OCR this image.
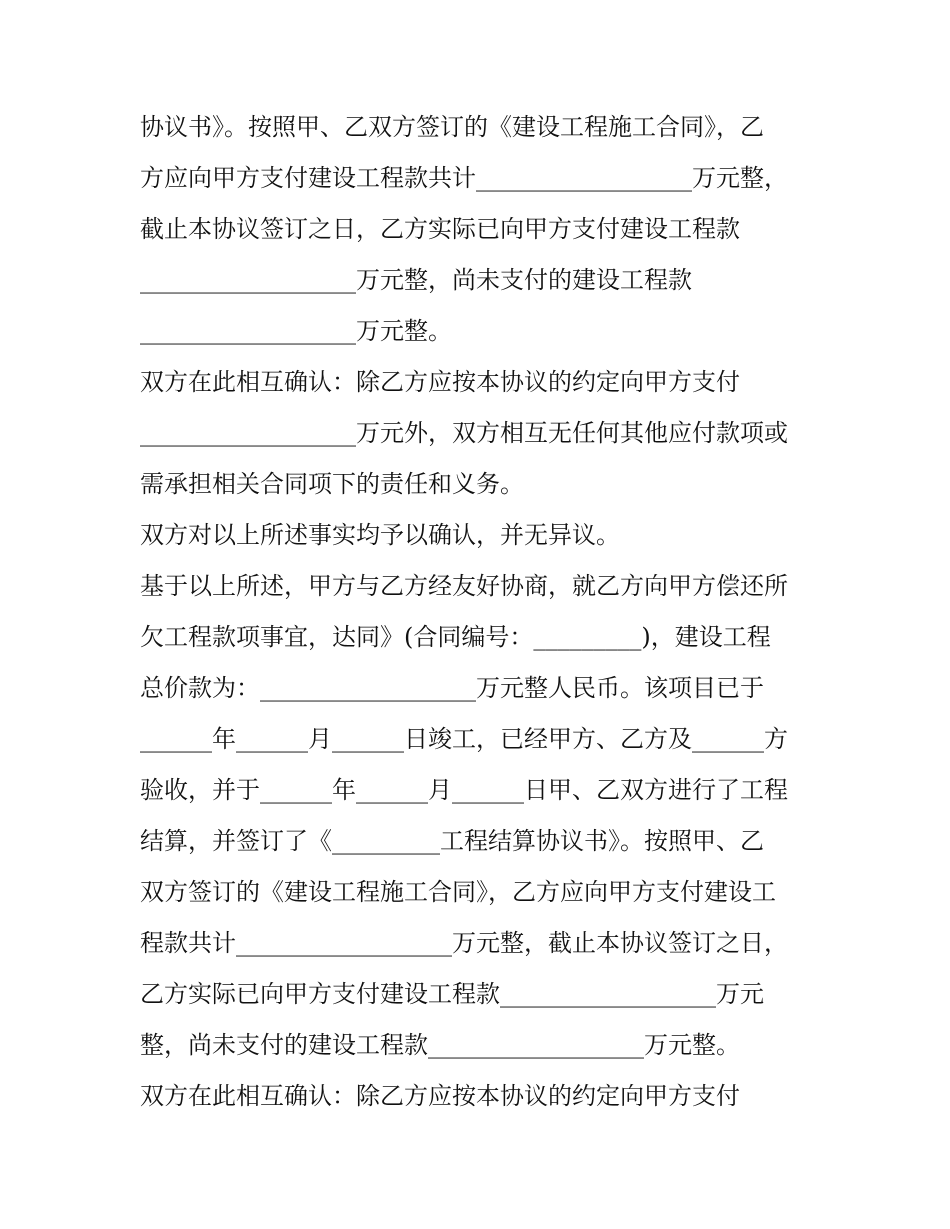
协议书》。按照甲、乙双方签订的《建设工程施工合同》，乙
方应向甲方支付建设工程款共计__________________万元整，
截止本协议签订之日，乙方实际已向甲方支付建设工程款
__________________万元整，尚未支付的建设工程款
__________________万元整。
双方在此相互确认：除乙方应按本协议的约定向甲方支付
__________________万元外，双方相互无任何其他应付款项或
需承担相关合同项下的责任和义务。
双方对以上所述事实均予以确认，并无异议。
基于以上所述，甲方与乙方经友好协商，就乙方向甲方偿还所
欠工程款项事宜，达同》(合同编号：_________)，建设工程
总价款为：__________________万元整人民币。该项目已于
______年______月______日竣工，已经甲方、乙方及______方
验收，并于______年______月______日甲、乙双方进行了工程
结算，并签订了《_________工程结算协议书》。按照甲、乙
双方签订的《建设工程施工合同》，乙方应向甲方支付建设工
程款共计__________________万元整，截止本协议签订之日，
乙方实际已向甲方支付建设工程款__________________万元
整，尚未支付的建设工程款__________________万元整。
双方在此相互确认：除乙方应按本协议的约定向甲方支付
